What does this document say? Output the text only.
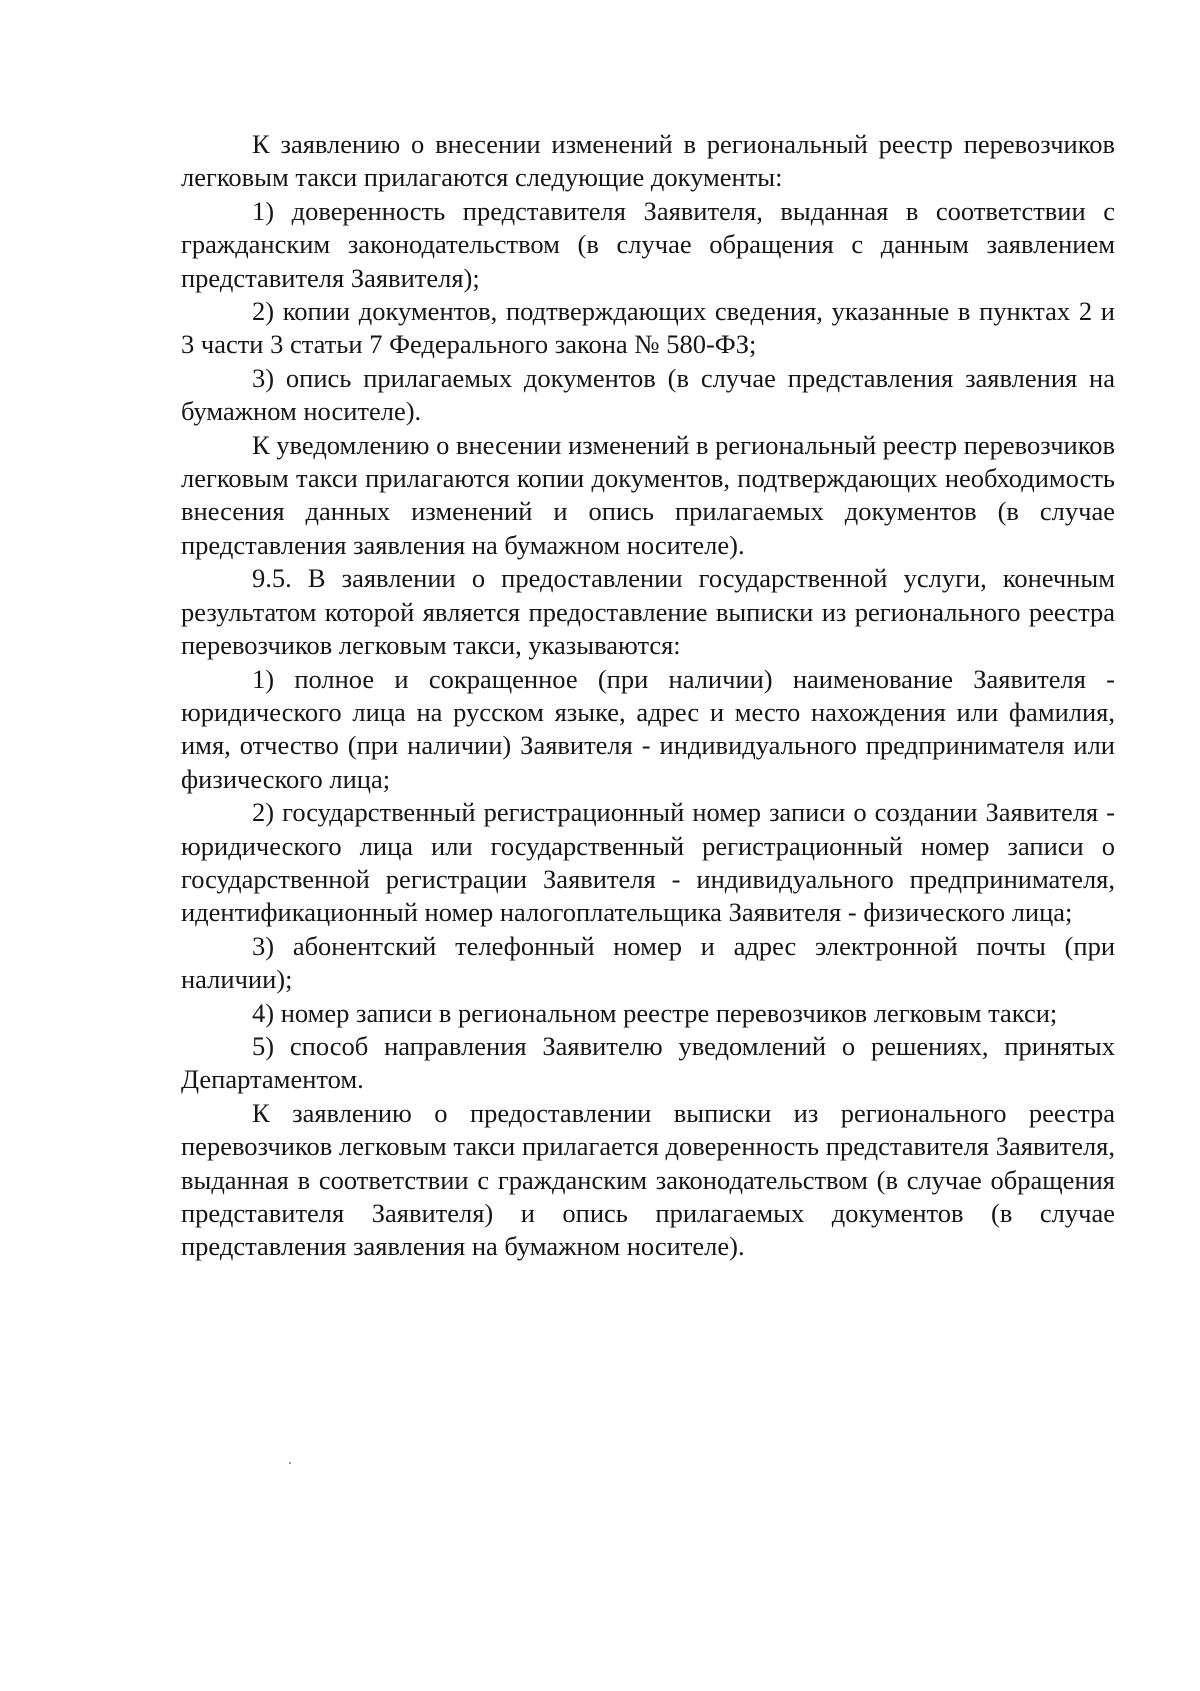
К заявлению о внесении изменений в региональный реестр перевозчиков легковым такси прилагаются следующие документы:

1) доверенность представителя Заявителя, выданная в соответствии с гражданским законодательством (в случае обращения с данным заявлением представителя Заявителя);

2) копии документов, подтверждающих сведения, указанные в пунктах 2 и 3 части 3 статьи 7 Федерального закона № 580-ФЗ;

3) опись прилагаемых документов (в случае представления заявления на бумажном носителе).

К уведомлению о внесении изменений в региональный реестр перевозчиков легковым такси прилагаются копии документов, подтверждающих необходимость внесения данных изменений и опись прилагаемых документов (в случае представления заявления на бумажном носителе).

9.5. В заявлении о предоставлении государственной услуги, конечным результатом которой является предоставление выписки из регионального реестра перевозчиков легковым такси, указываются:

1) полное и сокращенное (при наличии) наименование Заявителя - юридического лица на русском языке, адрес и место нахождения или фамилия, имя, отчество (при наличии) Заявителя - индивидуального предпринимателя или физического лица;

2) государственный регистрационный номер записи о создании Заявителя - юридического лица или государственный регистрационный номер записи о государственной регистрации Заявителя - индивидуального предпринимателя, идентификационный номер налогоплательщика Заявителя - физического лица;

3) абонентский телефонный номер и адрес электронной почты (при наличии);

4) номер записи в региональном реестре перевозчиков легковым такси;

5) способ направления Заявителю уведомлений о решениях, принятых Департаментом.

К заявлению о предоставлении выписки из регионального реестра перевозчиков легковым такси прилагается доверенность представителя Заявителя, выданная в соответствии с гражданским законодательством (в случае обращения представителя Заявителя) и опись прилагаемых документов (в случае представления заявления на бумажном носителе).
